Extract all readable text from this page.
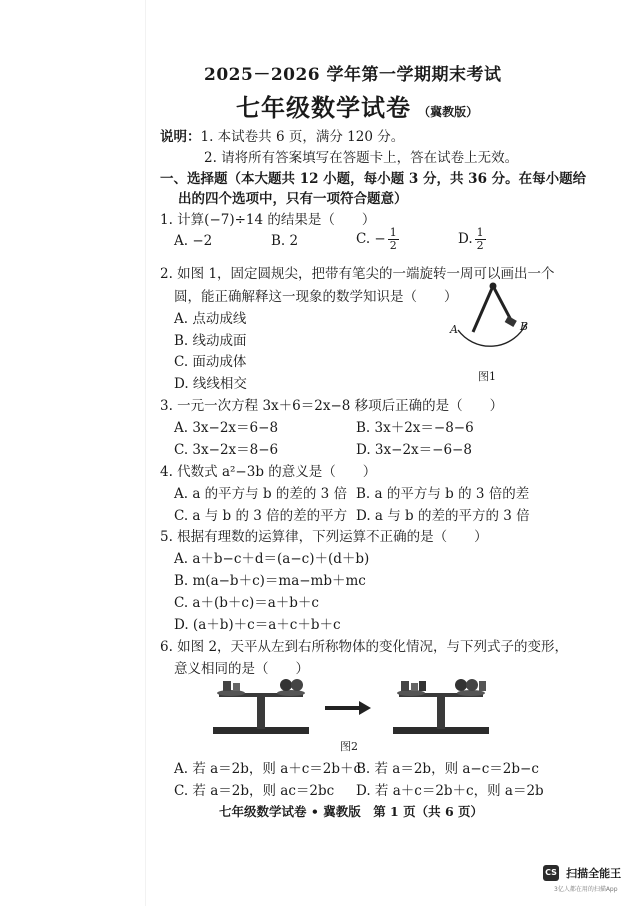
2025－2026 学年第一学期期末考试
七年级数学试卷 （冀教版）
说明：1. 本试卷共 6 页，满分 120 分。
2. 请将所有答案填写在答题卡上，答在试卷上无效。
一、选择题（本大题共 12 小题，每小题 3 分，共 36 分。在每小题给
出的四个选项中，只有一项符合题意）
1. 计算(−7)÷14 的结果是（　　）
A. −2	B. 2	C. − $\frac{1}{2}$	D. $\frac{1}{2}$
2. 如图 1，固定圆规尖，把带有笔尖的一端旋转一周可以画出一个
圆，能正确解释这一现象的数学知识是（　　）
A. 点动成线
B. 线动成面
C. 面动成体
D. 线线相交
A	B
图1
3. 一元一次方程 3x＋6＝2x−8 移项后正确的是（　　）
A. 3x−2x＝6−8	B. 3x＋2x＝−8−6
C. 3x−2x＝8−6	D. 3x−2x＝−6−8
4. 代数式 a²−3b 的意义是（　　）
A. a 的平方与 b 的差的 3 倍 B. a 的平方与 b 的 3 倍的差
C. a 与 b 的 3 倍的差的平方 D. a 与 b 的差的平方的 3 倍
5. 根据有理数的运算律，下列运算不正确的是（　　）
A. a＋b−c＋d＝(a−c)＋(d＋b)
B. m(a−b＋c)＝ma−mb＋mc
C. a＋(b＋c)＝a＋b＋c
D. (a＋b)＋c＝a＋c＋b＋c
6. 如图 2，天平从左到右所称物体的变化情况，与下列式子的变形，
意义相同的是（　　）
图2
A. 若 a＝2b，则 a＋c＝2b＋c
B. 若 a＝2b，则 a−c＝2b−c
C. 若 a＝2b，则 ac＝2bc D. 若 a＋c＝2b＋c，则 a＝2b
七年级数学试卷 • 冀教版　第 1 页（共 6 页）
CS 扫描全能王
3亿人都在用的扫描App
